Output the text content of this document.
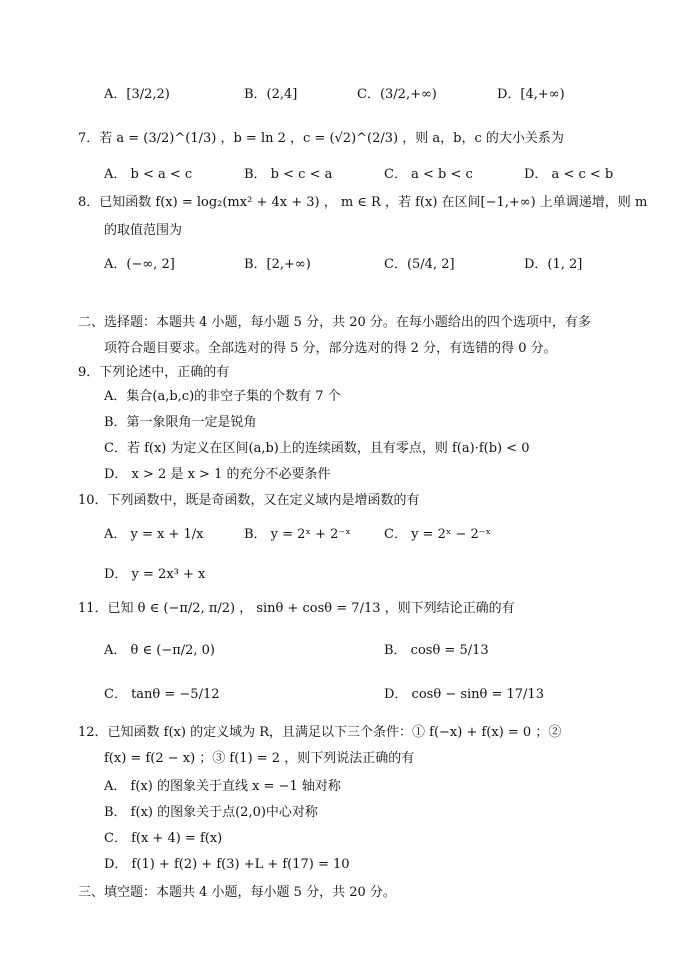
A．[3/2,2)	B．(2,4]	C．(3/2,+∞)	D．[4,+∞)
7．若 a = (3/2)^(1/3) ，b = ln 2 ，c = (√2)^(2/3) ，则 a，b，c 的大小关系为
A． b < a < c	B． b < c < a	C． a < b < c	D． a < c < b
8．已知函数 f(x) = log₂(mx² + 4x + 3) ， m ∈ R ，若 f(x) 在区间[−1,+∞) 上单调递增，则 m
的取值范围为
A．(−∞, 2]	B．[2,+∞)	C．(5/4, 2]	D．(1, 2]
二、选择题：本题共 4 小题，每小题 5 分，共 20 分。在每小题给出的四个选项中，有多
项符合题目要求。全部选对的得 5 分，部分选对的得 2 分，有选错的得 0 分。
9．下列论述中，正确的有
A．集合(a,b,c)的非空子集的个数有 7 个
B．第一象限角一定是锐角
C．若 f(x) 为定义在区间(a,b)上的连续函数，且有零点，则 f(a)·f(b) < 0
D． x > 2 是 x > 1 的充分不必要条件
10．下列函数中，既是奇函数，又在定义域内是增函数的有
A． y = x + 1/x	B． y = 2ˣ + 2⁻ˣ	C． y = 2ˣ − 2⁻ˣ
D． y = 2x³ + x
11．已知 θ ∈ (−π/2, π/2) ， sinθ + cosθ = 7/13 ，则下列结论正确的有
A． θ ∈ (−π/2, 0)	B． cosθ = 5/13
C． tanθ = −5/12	D． cosθ − sinθ = 17/13
12．已知函数 f(x) 的定义域为 R，且满足以下三个条件：① f(−x) + f(x) = 0 ；②
f(x) = f(2 − x) ；③ f(1) = 2 ，则下列说法正确的有
A． f(x) 的图象关于直线 x = −1 轴对称
B． f(x) 的图象关于点(2,0)中心对称
C． f(x + 4) = f(x)
D． f(1) + f(2) + f(3) +L + f(17) = 10
三、填空题：本题共 4 小题，每小题 5 分，共 20 分。
